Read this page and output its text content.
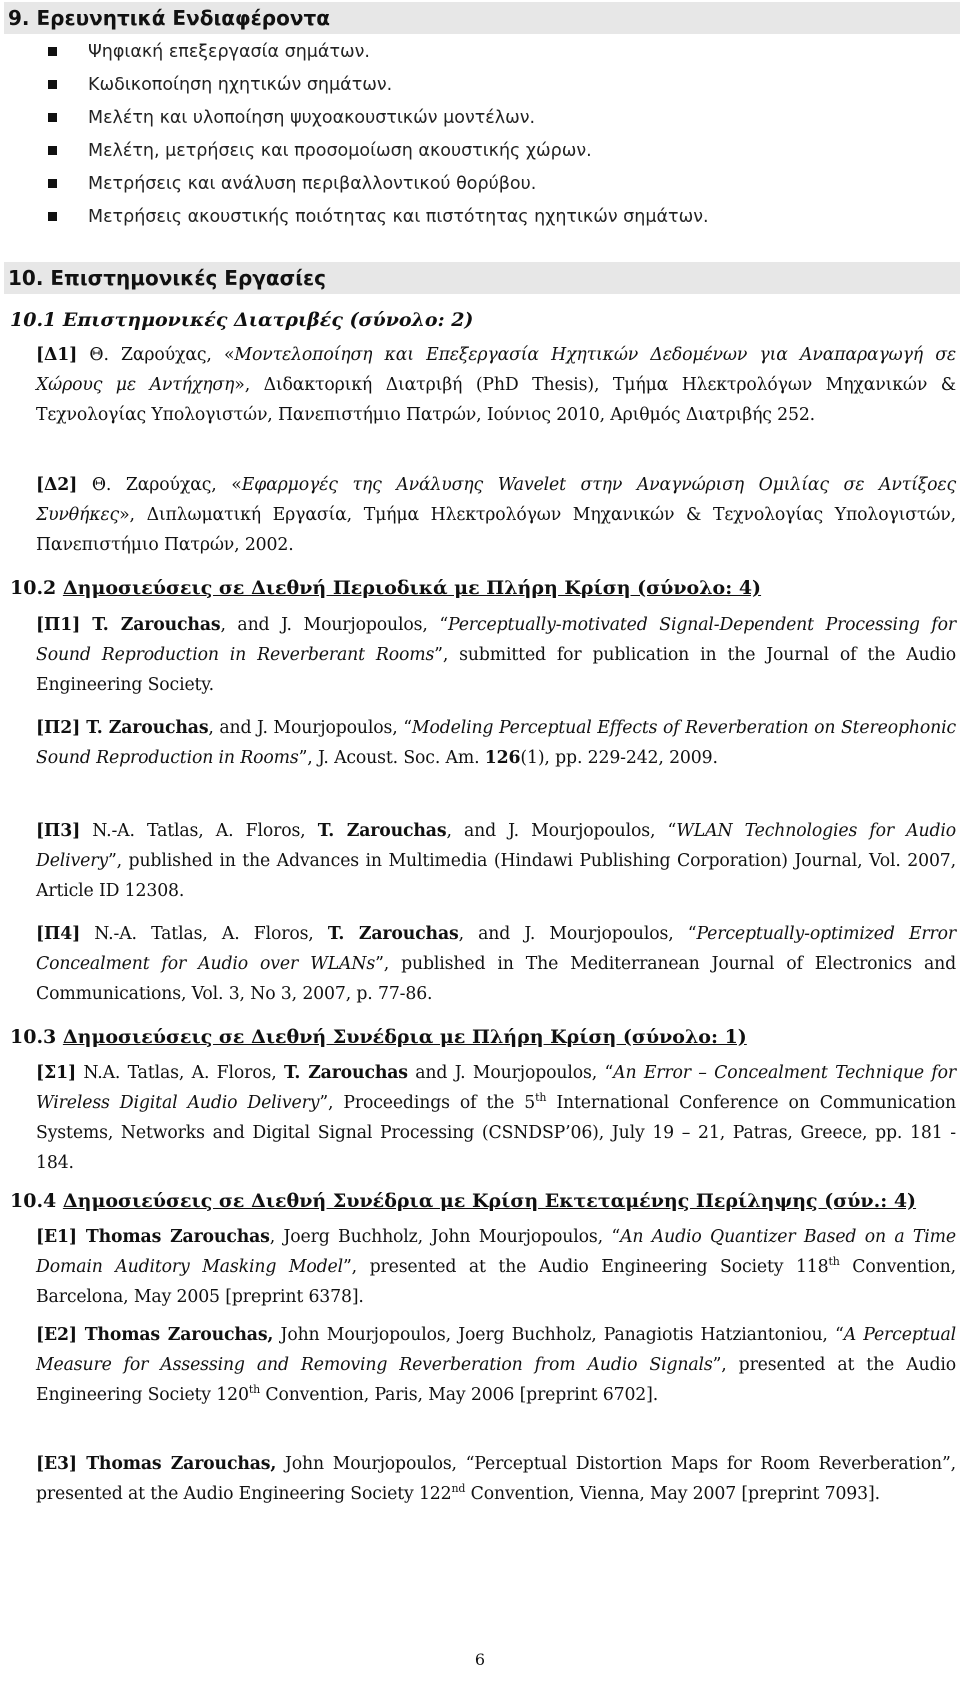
9. Ερευνητικά Ενδιαφέροντα
Ψηφιακή επεξεργασία σημάτων.
Κωδικοποίηση ηχητικών σημάτων.
Μελέτη και υλοποίηση ψυχοακουστικών μοντέλων.
Μελέτη, μετρήσεις και προσομοίωση ακουστικής χώρων.
Μετρήσεις και ανάλυση περιβαλλοντικού θορύβου.
Μετρήσεις ακουστικής ποιότητας και πιστότητας ηχητικών σημάτων.
10. Επιστημονικές Εργασίες
10.1 Επιστημονικές Διατριβές (σύνολο: 2)
[Δ1] Θ. Ζαρούχας, «Μοντελοποίηση και Επεξεργασία Ηχητικών Δεδομένων για Αναπαραγωγή σε Χώρους με Αντήχηση», Διδακτορική Διατριβή (PhD Thesis), Τμήμα Ηλεκτρολόγων Μηχανικών & Τεχνολογίας Υπολογιστών, Πανεπιστήμιο Πατρών, Ιούνιος 2010, Αριθμός Διατριβής 252.
[Δ2] Θ. Ζαρούχας, «Εφαρμογές της Ανάλυσης Wavelet στην Αναγνώριση Ομιλίας σε Αντίξοες Συνθήκες», Διπλωματική Εργασία, Τμήμα Ηλεκτρολόγων Μηχανικών & Τεχνολογίας Υπολογιστών, Πανεπιστήμιο Πατρών, 2002.
10.2 Δημοσιεύσεις σε Διεθνή Περιοδικά με Πλήρη Κρίση (σύνολο: 4)
[Π1] T. Zarouchas, and J. Mourjopoulos, “Perceptually-motivated Signal-Dependent Processing for Sound Reproduction in Reverberant Rooms”, submitted for publication in the Journal of the Audio Engineering Society.
[Π2] T. Zarouchas, and J. Mourjopoulos, “Modeling Perceptual Effects of Reverberation on Stereophonic Sound Reproduction in Rooms”, J. Acoust. Soc. Am. 126(1), pp. 229-242, 2009.
[Π3] N.-A. Tatlas, A. Floros, T. Zarouchas, and J. Mourjopoulos, “WLAN Technologies for Audio Delivery”, published in the Advances in Multimedia (Hindawi Publishing Corporation) Journal, Vol. 2007, Article ID 12308.
[Π4] N.-A. Tatlas, A. Floros, T. Zarouchas, and J. Mourjopoulos, “Perceptually-optimized Error Concealment for Audio over WLANs”, published in The Mediterranean Journal of Electronics and Communications, Vol. 3, No 3, 2007, p. 77-86.
10.3 Δημοσιεύσεις σε Διεθνή Συνέδρια με Πλήρη Κρίση (σύνολο: 1)
[Σ1] N.A. Tatlas, A. Floros, T. Zarouchas and J. Mourjopoulos, “An Error – Concealment Technique for Wireless Digital Audio Delivery”, Proceedings of the 5th International Conference on Communication Systems, Networks and Digital Signal Processing (CSNDSP’06), July 19 – 21, Patras, Greece, pp. 181 - 184.
10.4 Δημοσιεύσεις σε Διεθνή Συνέδρια με Κρίση Εκτεταμένης Περίληψης (σύν.: 4)
[E1] Thomas Zarouchas, Joerg Buchholz, John Mourjopoulos, “An Audio Quantizer Based on a Time Domain Auditory Masking Model”, presented at the Audio Engineering Society 118th Convention, Barcelona, May 2005 [preprint 6378].
[E2] Thomas Zarouchas, John Mourjopoulos, Joerg Buchholz, Panagiotis Hatziantoniou, “A Perceptual Measure for Assessing and Removing Reverberation from Audio Signals”, presented at the Audio Engineering Society 120th Convention, Paris, May 2006 [preprint 6702].
[E3] Thomas Zarouchas, John Mourjopoulos, “Perceptual Distortion Maps for Room Reverberation”, presented at the Audio Engineering Society 122nd Convention, Vienna, May 2007 [preprint 7093].
6
